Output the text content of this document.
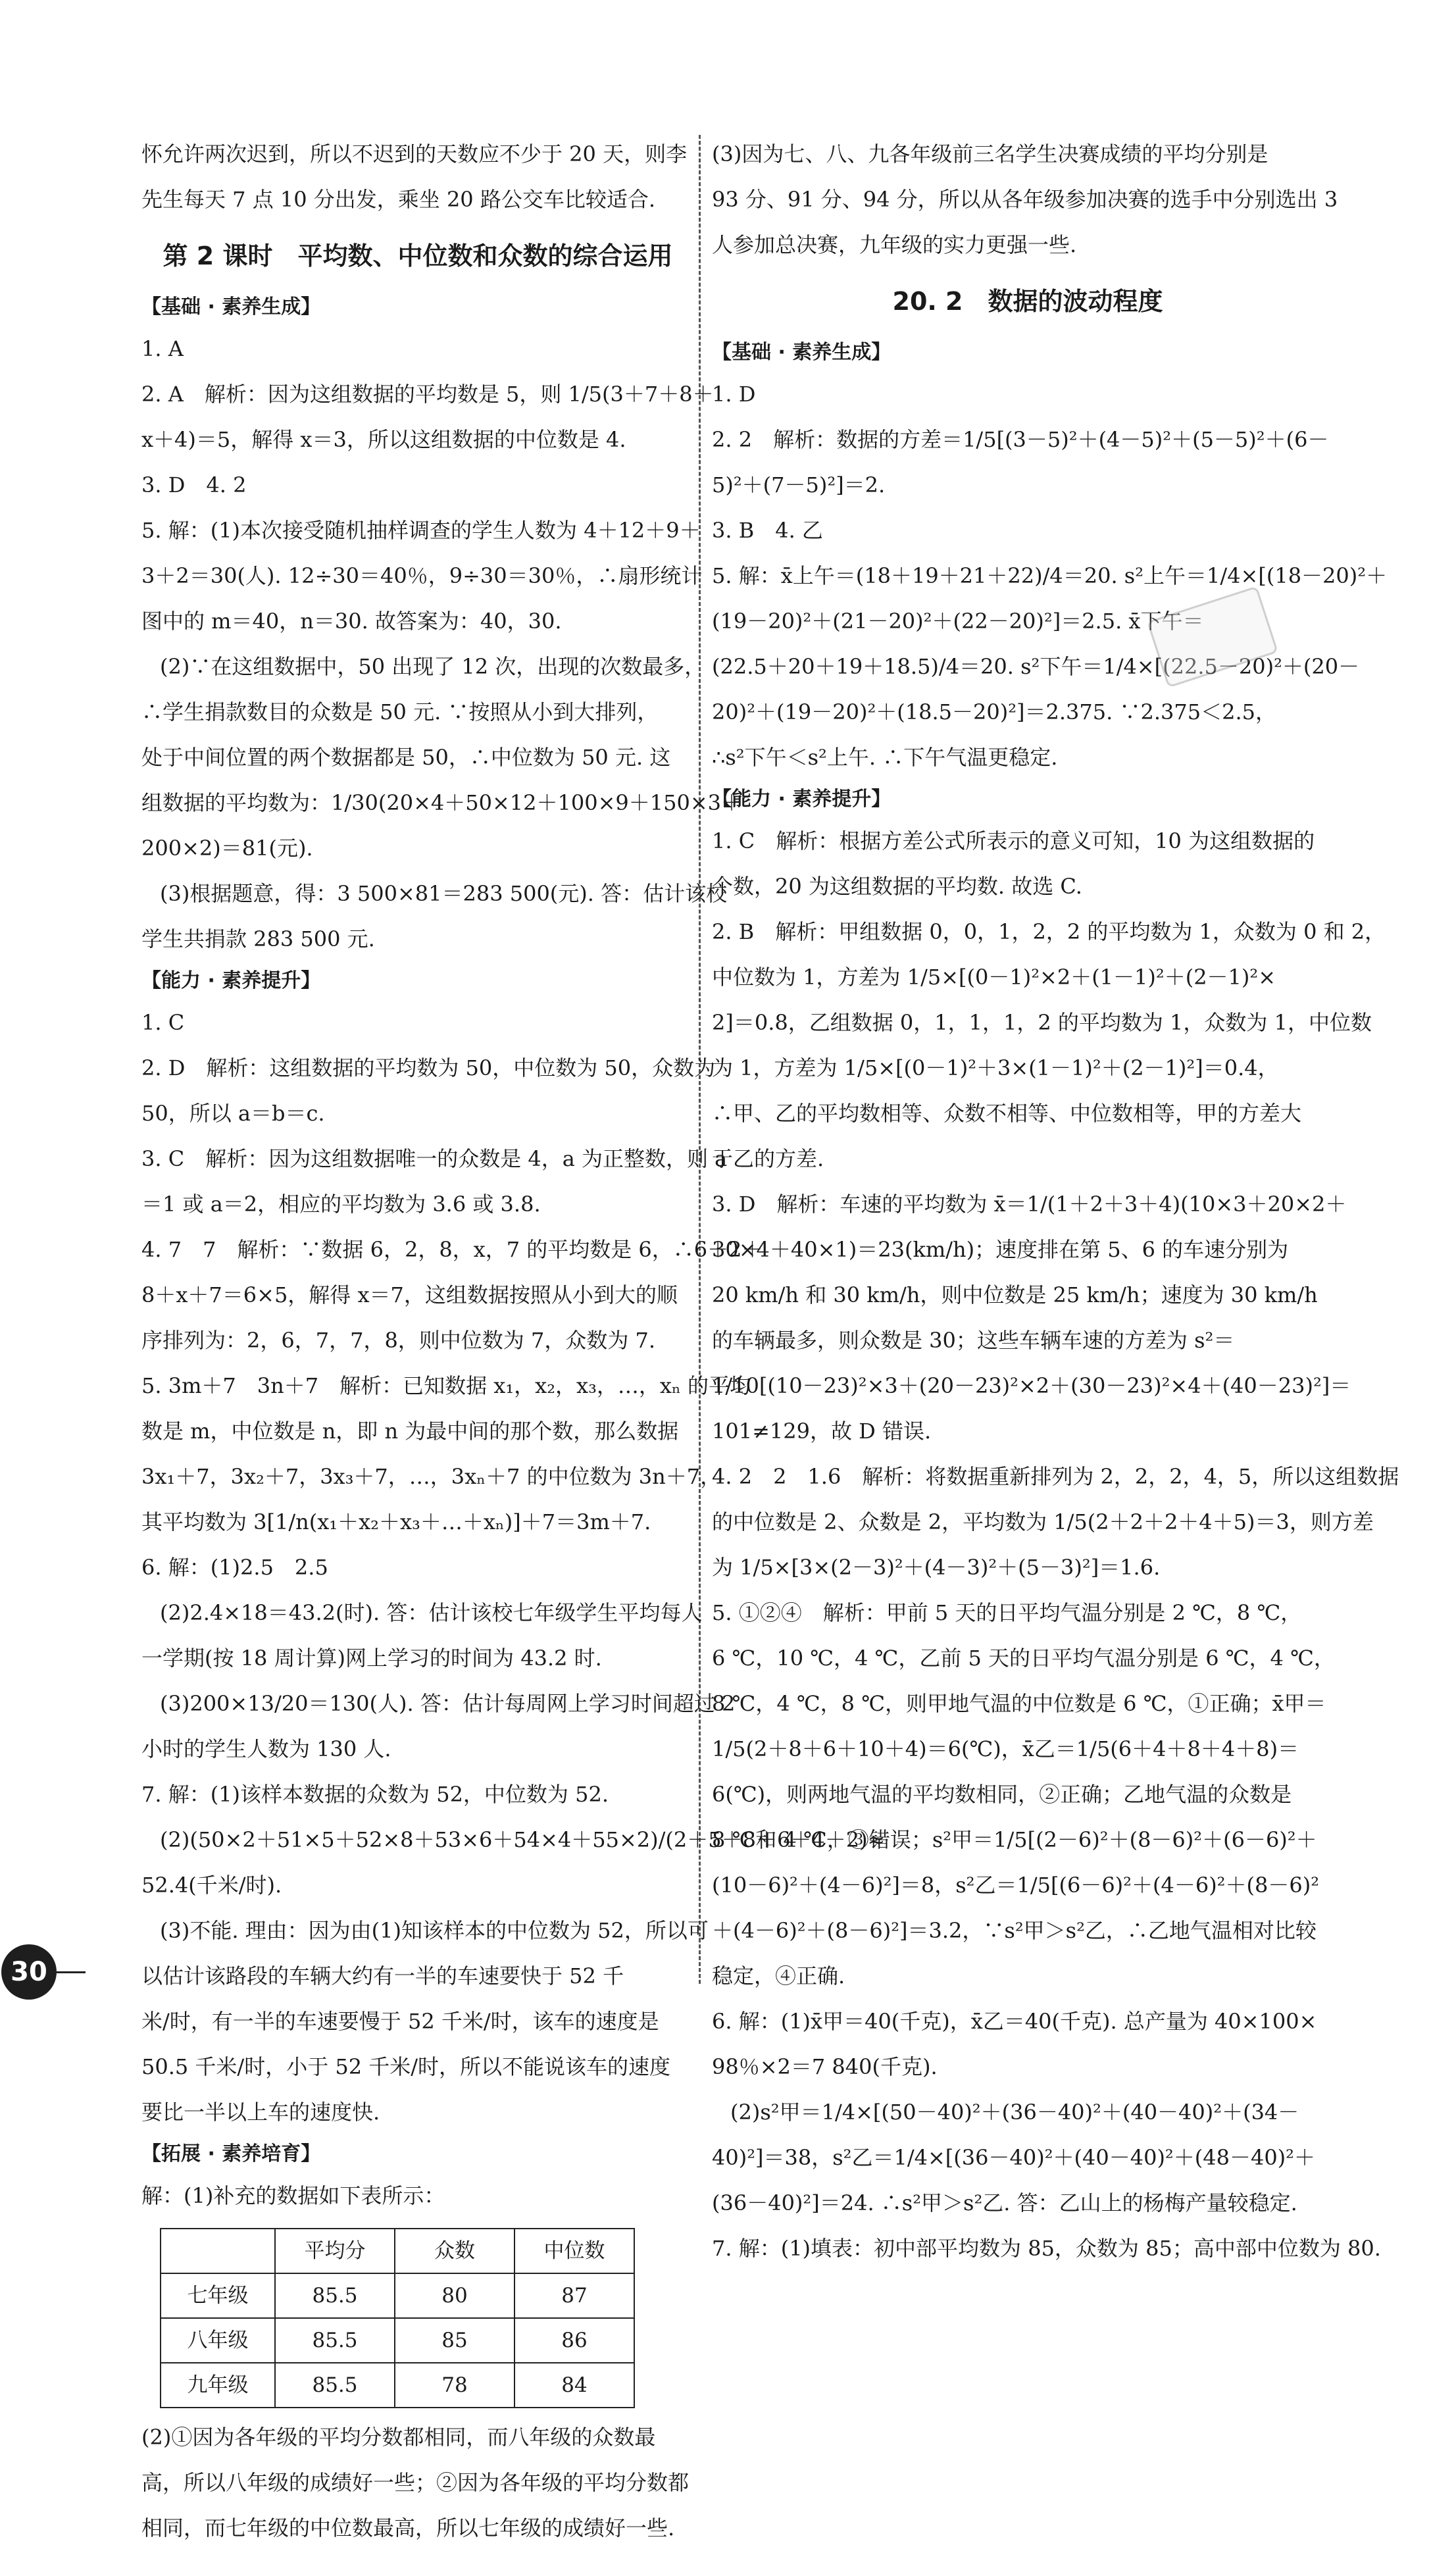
怀允许两次迟到，所以不迟到的天数应不少于 20 天，则李

先生每天 7 点 10 分出发，乘坐 20 路公交车比较适合.

第 2 课时　平均数、中位数和众数的综合运用
【基础 · 素养生成】

1. A

2. A　解析：因为这组数据的平均数是 5，则 1/5(3＋7＋8＋

x＋4)＝5，解得 x＝3，所以这组数据的中位数是 4.

3. D　4. 2

5. 解：(1)本次接受随机抽样调查的学生人数为 4＋12＋9＋

3＋2＝30(人). 12÷30＝40％，9÷30＝30％，∴扇形统计

图中的 m＝40，n＝30. 故答案为：40，30.

(2)∵在这组数据中，50 出现了 12 次，出现的次数最多，

∴学生捐款数目的众数是 50 元. ∵按照从小到大排列，

处于中间位置的两个数据都是 50，∴中位数为 50 元. 这

组数据的平均数为：1/30(20×4＋50×12＋100×9＋150×3＋

200×2)＝81(元).

(3)根据题意，得：3 500×81＝283 500(元). 答：估计该校

学生共捐款 283 500 元.

【能力 · 素养提升】

1. C

2. D　解析：这组数据的平均数为 50，中位数为 50，众数为

50，所以 a＝b＝c.

3. C　解析：因为这组数据唯一的众数是 4，a 为正整数，则 a

＝1 或 a＝2，相应的平均数为 3.6 或 3.8.

4. 7　7　解析：∵数据 6，2，8，x，7 的平均数是 6，∴6＋2＋

8＋x＋7＝6×5，解得 x＝7，这组数据按照从小到大的顺

序排列为：2，6，7，7，8，则中位数为 7，众数为 7.

5. 3m＋7　3n＋7　解析：已知数据 x₁，x₂，x₃，…，xₙ 的平均

数是 m，中位数是 n，即 n 为最中间的那个数，那么数据

3x₁＋7，3x₂＋7，3x₃＋7，…，3xₙ＋7 的中位数为 3n＋7，

其平均数为 3[1/n(x₁＋x₂＋x₃＋…＋xₙ)]＋7＝3m＋7.

6. 解：(1)2.5　2.5

(2)2.4×18＝43.2(时). 答：估计该校七年级学生平均每人

一学期(按 18 周计算)网上学习的时间为 43.2 时.

(3)200×13/20＝130(人). 答：估计每周网上学习时间超过 2

小时的学生人数为 130 人.

7. 解：(1)该样本数据的众数为 52，中位数为 52.

(2)(50×2＋51×5＋52×8＋53×6＋54×4＋55×2)/(2＋5＋8＋6＋4＋2)≈

52.4(千米/时).

(3)不能. 理由：因为由(1)知该样本的中位数为 52，所以可

以估计该路段的车辆大约有一半的车速要快于 52 千

米/时，有一半的车速要慢于 52 千米/时，该车的速度是

50.5 千米/时，小于 52 千米/时，所以不能说该车的速度

要比一半以上车的速度快.

【拓展 · 素养培育】

解：(1)补充的数据如下表所示：

	平均分	众数	中位数
七年级	85.5	80	87
八年级	85.5	85	86
九年级	85.5	78	84

(2)①因为各年级的平均分数都相同，而八年级的众数最

高，所以八年级的成绩好一些；②因为各年级的平均分数都

相同，而七年级的中位数最高，所以七年级的成绩好一些.

(3)因为七、八、九各年级前三名学生决赛成绩的平均分别是

93 分、91 分、94 分，所以从各年级参加决赛的选手中分别选出 3

人参加总决赛，九年级的实力更强一些.

20. 2　数据的波动程度
【基础 · 素养生成】

1. D

2. 2　解析：数据的方差＝1/5[(3－5)²＋(4－5)²＋(5－5)²＋(6－

5)²＋(7－5)²]＝2.

3. B　4. 乙

5. 解：x̄上午＝(18＋19＋21＋22)/4＝20. s²上午＝1/4×[(18－20)²＋

(19－20)²＋(21－20)²＋(22－20)²]＝2.5. x̄下午＝

(22.5＋20＋19＋18.5)/4＝20. s²下午＝1/4×[(22.5－20)²＋(20－

20)²＋(19－20)²＋(18.5－20)²]＝2.375. ∵2.375＜2.5，

∴s²下午＜s²上午. ∴下午气温更稳定.

【能力 · 素养提升】

1. C　解析：根据方差公式所表示的意义可知，10 为这组数据的

个数，20 为这组数据的平均数. 故选 C.

2. B　解析：甲组数据 0，0，1，2，2 的平均数为 1，众数为 0 和 2，

中位数为 1，方差为 1/5×[(0－1)²×2＋(1－1)²＋(2－1)²×

2]＝0.8，乙组数据 0，1，1，1，2 的平均数为 1，众数为 1，中位数

为 1，方差为 1/5×[(0－1)²＋3×(1－1)²＋(2－1)²]＝0.4，

∴甲、乙的平均数相等、众数不相等、中位数相等，甲的方差大

于乙的方差.

3. D　解析：车速的平均数为 x̄＝1/(1＋2＋3＋4)(10×3＋20×2＋

30×4＋40×1)＝23(km/h)；速度排在第 5、6 的车速分别为

20 km/h 和 30 km/h，则中位数是 25 km/h；速度为 30 km/h

的车辆最多，则众数是 30；这些车辆车速的方差为 s²＝

1/10[(10－23)²×3＋(20－23)²×2＋(30－23)²×4＋(40－23)²]＝

101≠129，故 D 错误.

4. 2　2　1.6　解析：将数据重新排列为 2，2，2，4，5，所以这组数据

的中位数是 2、众数是 2，平均数为 1/5(2＋2＋2＋4＋5)＝3，则方差

为 1/5×[3×(2－3)²＋(4－3)²＋(5－3)²]＝1.6.

5. ①②④　解析：甲前 5 天的日平均气温分别是 2 ℃，8 ℃，

6 ℃，10 ℃，4 ℃，乙前 5 天的日平均气温分别是 6 ℃，4 ℃，

8 ℃，4 ℃，8 ℃，则甲地气温的中位数是 6 ℃，①正确；x̄甲＝

1/5(2＋8＋6＋10＋4)＝6(℃)，x̄乙＝1/5(6＋4＋8＋4＋8)＝

6(℃)，则两地气温的平均数相同，②正确；乙地气温的众数是

8 ℃和 4 ℃，③错误；s²甲＝1/5[(2－6)²＋(8－6)²＋(6－6)²＋

(10－6)²＋(4－6)²]＝8，s²乙＝1/5[(6－6)²＋(4－6)²＋(8－6)²

＋(4－6)²＋(8－6)²]＝3.2，∵s²甲＞s²乙，∴乙地气温相对比较

稳定，④正确.

6. 解：(1)x̄甲＝40(千克)，x̄乙＝40(千克). 总产量为 40×100×

98％×2＝7 840(千克).

(2)s²甲＝1/4×[(50－40)²＋(36－40)²＋(40－40)²＋(34－

40)²]＝38，s²乙＝1/4×[(36－40)²＋(40－40)²＋(48－40)²＋

(36－40)²]＝24. ∴s²甲＞s²乙. 答：乙山上的杨梅产量较稳定.

7. 解：(1)填表：初中部平均数为 85，众数为 85；高中部中位数为 80.

30
